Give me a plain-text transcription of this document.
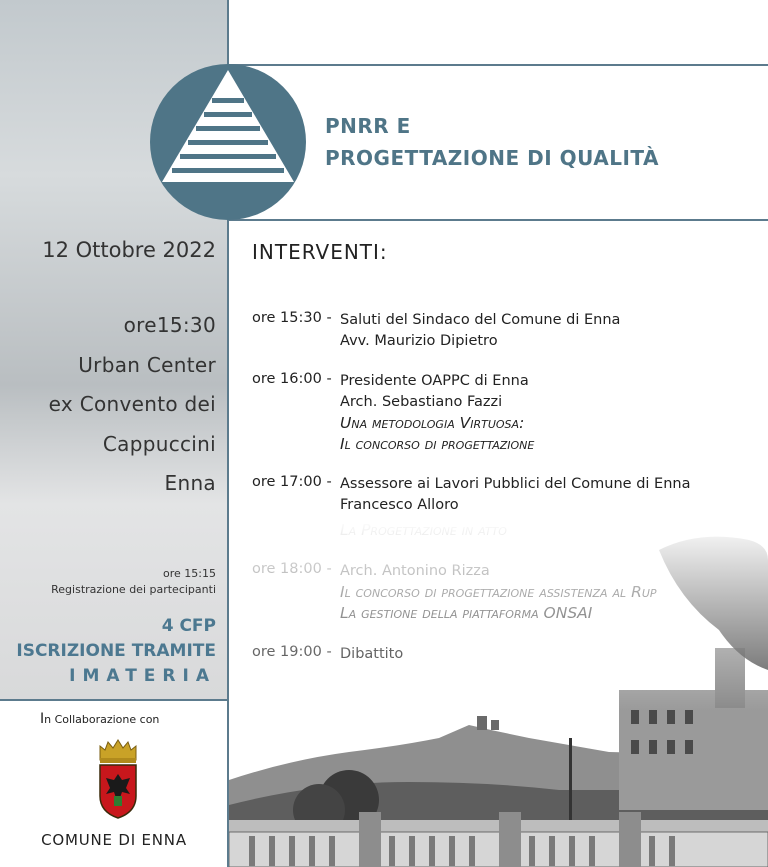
PNRR E
PROGETTAZIONE DI QUALITÀ
12 Ottobre 2022
ore15:30
Urban Center
ex Convento dei
Cappuccini
Enna
ore 15:15
Registrazione dei partecipanti
4 CFP
ISCRIZIONE TRAMITE
IMATERIA
In Collaborazione con
COMUNE DI ENNA
INTERVENTI:
ore 15:30 - Saluti del Sindaco del Comune di Enna
Avv. Maurizio Dipietro
ore 16:00 - Presidente OAPPC di Enna
Arch. Sebastiano Fazzi
Una metodologia Virtuosa:
Il concorso di progettazione
ore 17:00 - Assessore ai Lavori Pubblici del Comune di Enna
Francesco Alloro
